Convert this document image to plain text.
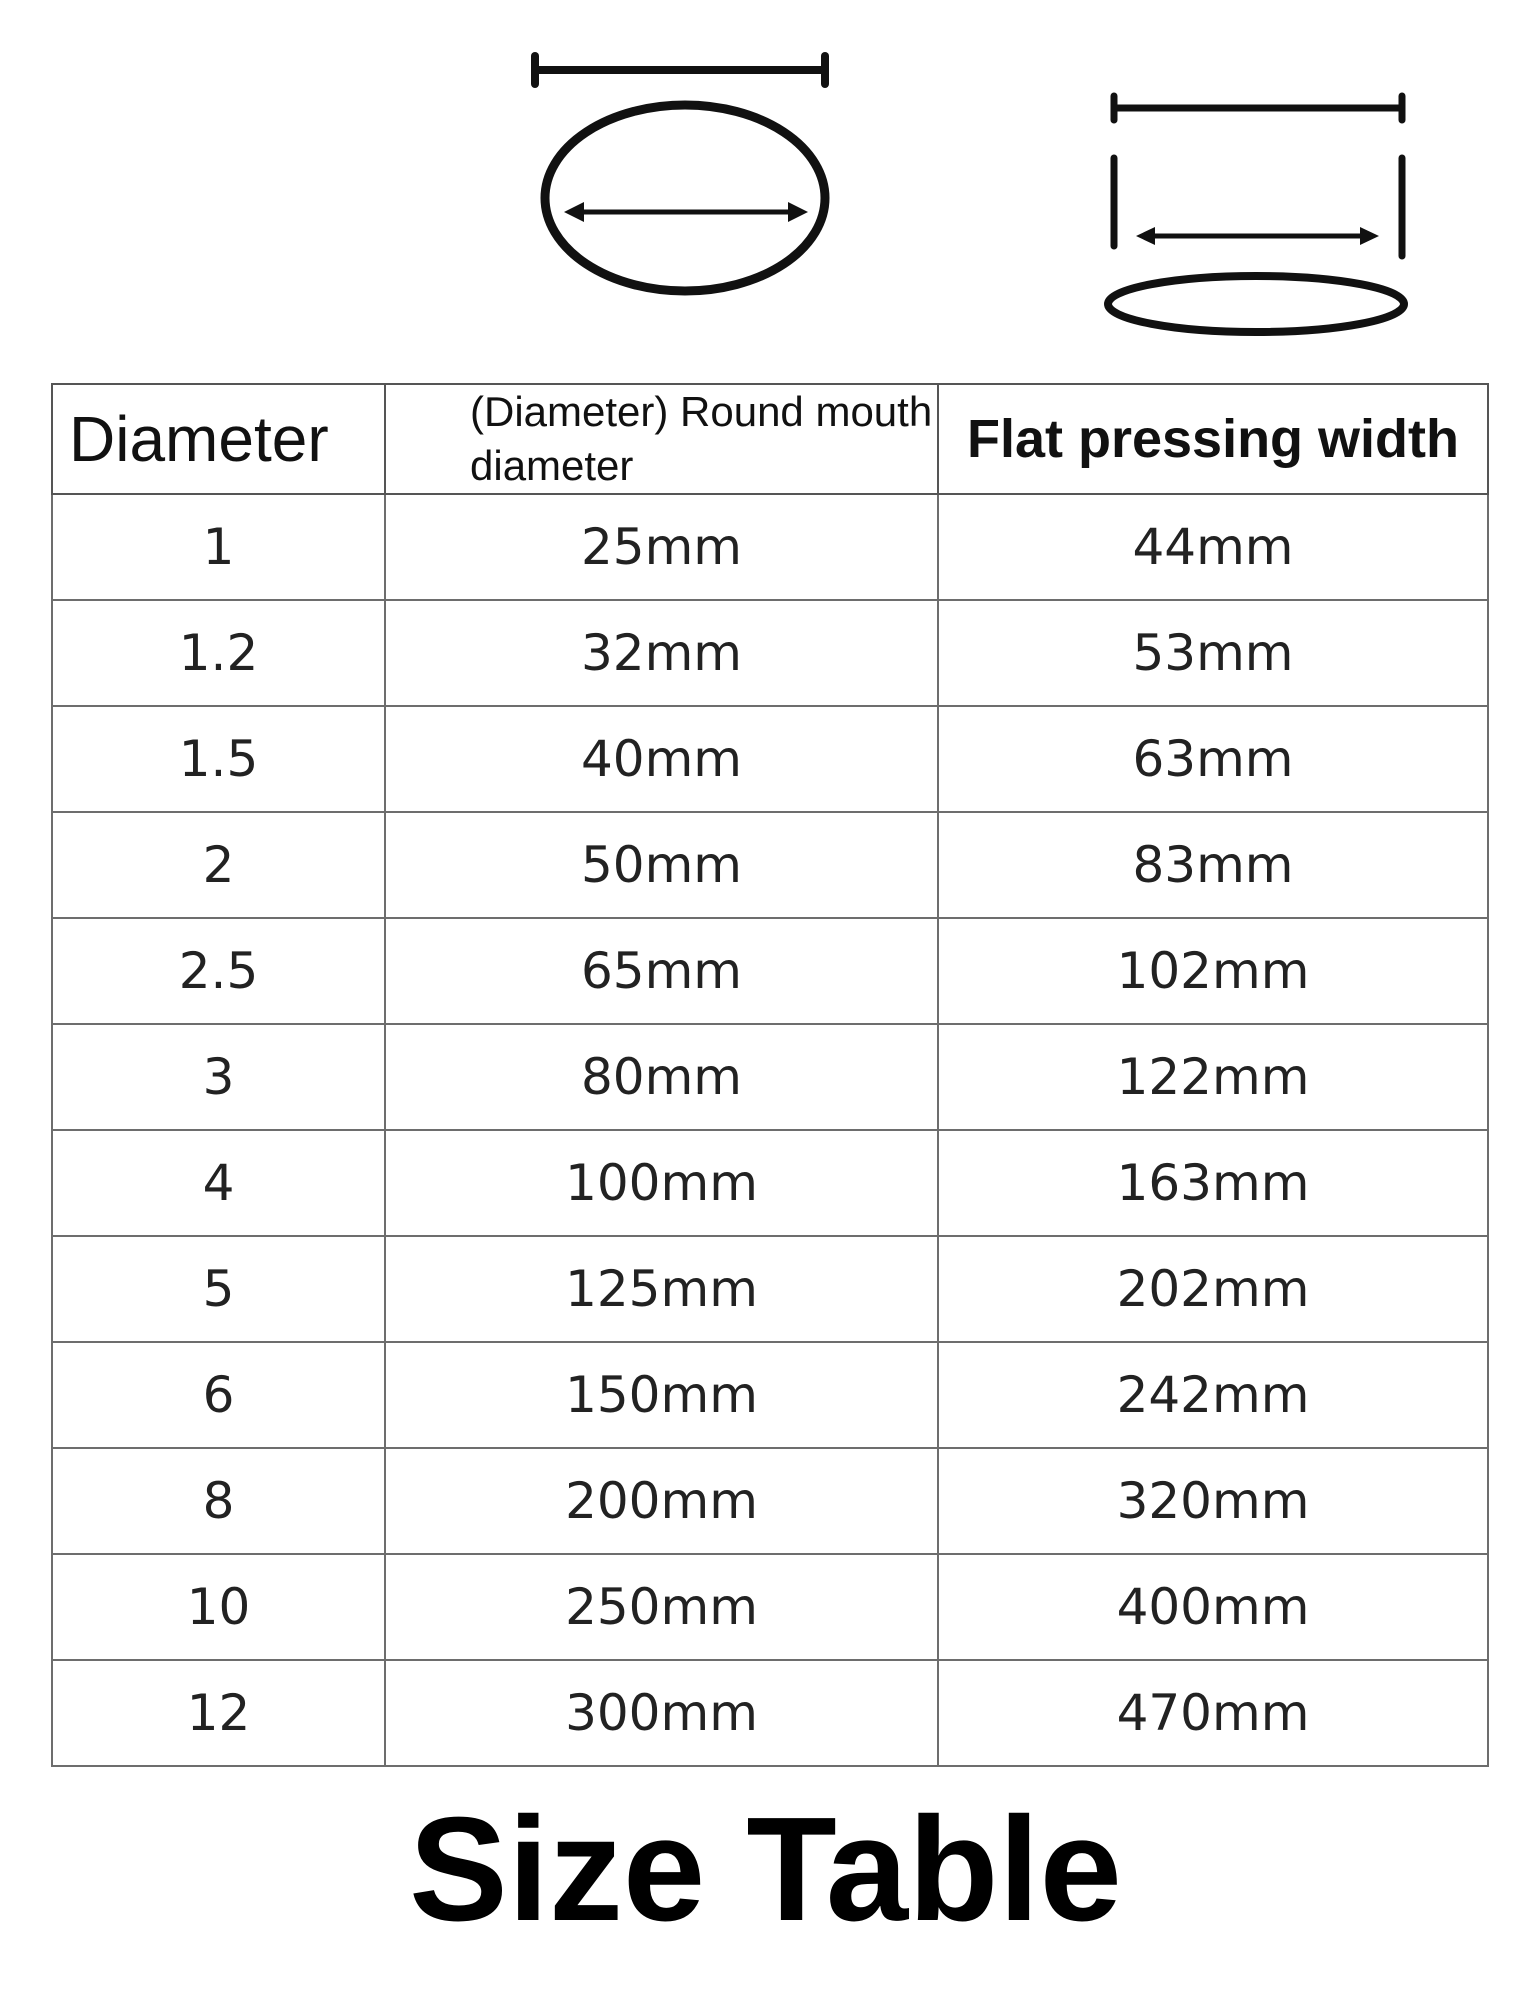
Diameter	(Diameter) Round mouth diameter	Flat pressing width
1	25mm	44mm
1.2	32mm	53mm
1.5	40mm	63mm
2	50mm	83mm
2.5	65mm	102mm
3	80mm	122mm
4	100mm	163mm
5	125mm	202mm
6	150mm	242mm
8	200mm	320mm
10	250mm	400mm
12	300mm	470mm
Size Table
